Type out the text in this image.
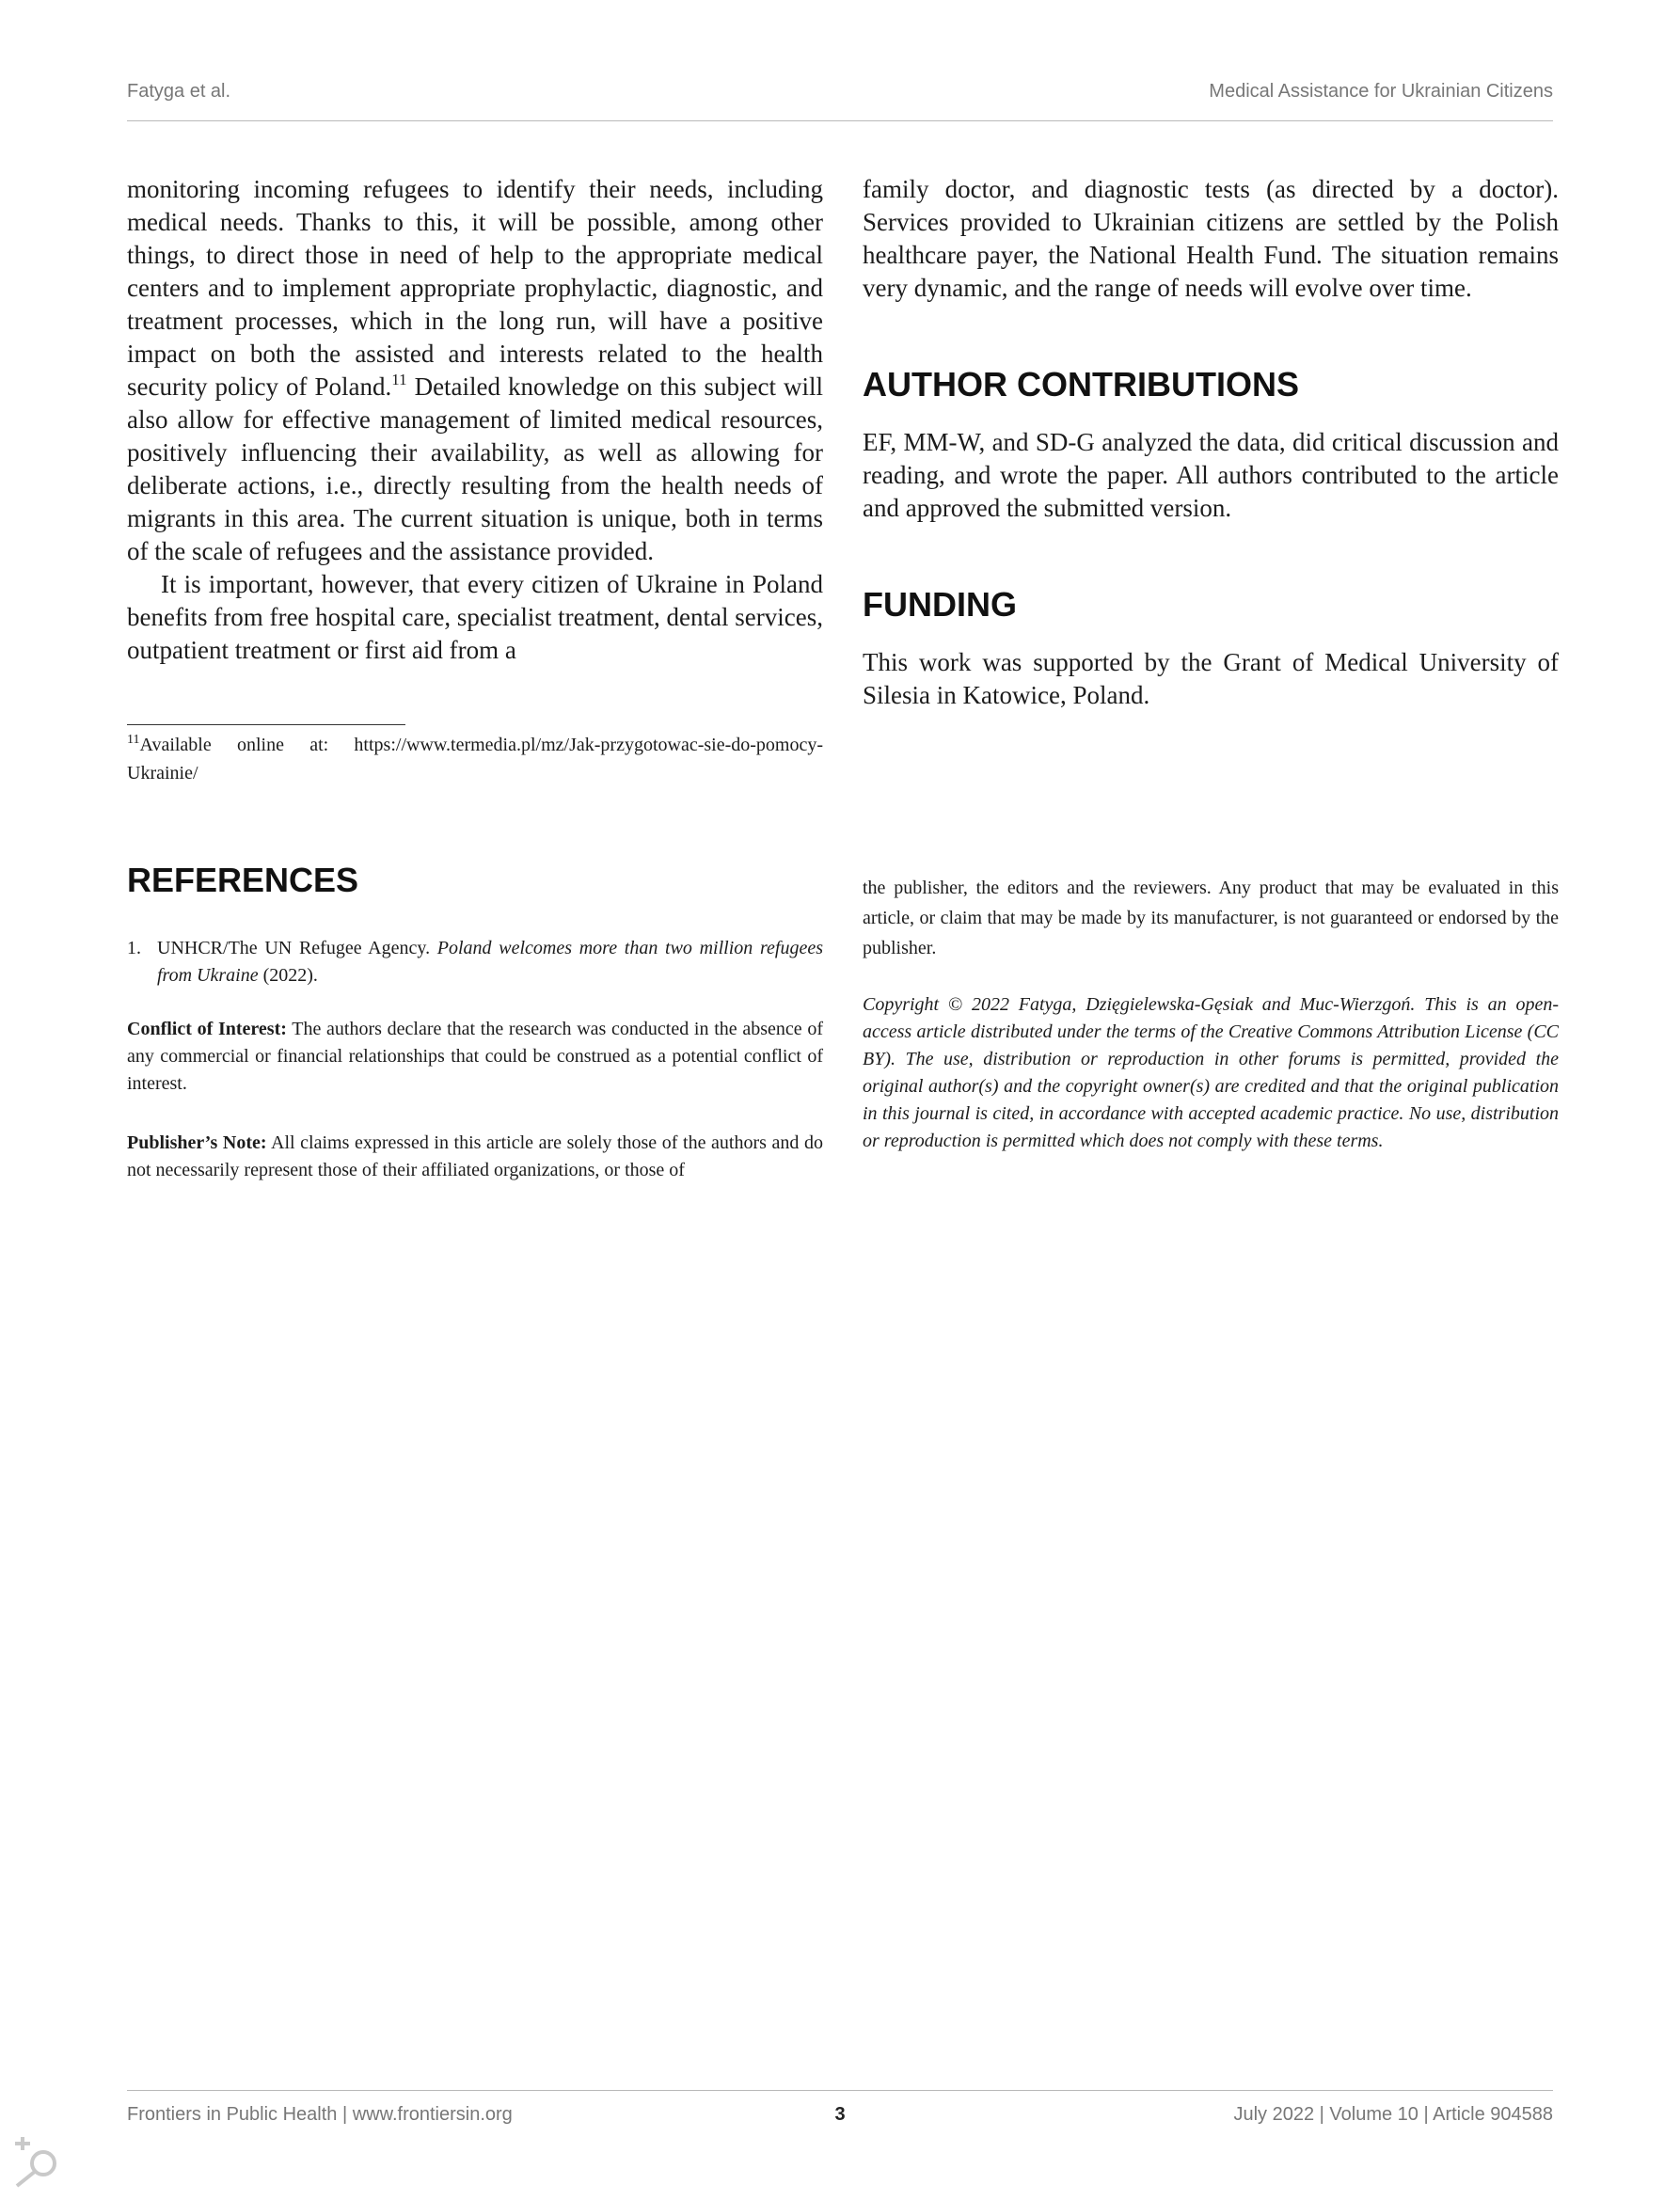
Fatyga et al.	Medical Assistance for Ukrainian Citizens

monitoring incoming refugees to identify their needs, including medical needs. Thanks to this, it will be possible, among other things, to direct those in need of help to the appropriate medical centers and to implement appropriate prophylactic, diagnostic, and treatment processes, which in the long run, will have a positive impact on both the assisted and interests related to the health security policy of Poland.$^{11}$ Detailed knowledge on this subject will also allow for effective management of limited medical resources, positively influencing their availability, as well as allowing for deliberate actions, i.e., directly resulting from the health needs of migrants in this area. The current situation is unique, both in terms of the scale of refugees and the assistance provided.

It is important, however, that every citizen of Ukraine in Poland benefits from free hospital care, specialist treatment, dental services, outpatient treatment or first aid from a

$^{11}$Available online at: https://www.termedia.pl/mz/Jak-przygotowac-sie-do-pomocy-Ukrainie/

family doctor, and diagnostic tests (as directed by a doctor). Services provided to Ukrainian citizens are settled by the Polish healthcare payer, the National Health Fund. The situation remains very dynamic, and the range of needs will evolve over time.

AUTHOR CONTRIBUTIONS

EF, MM-W, and SD-G analyzed the data, did critical discussion and reading, and wrote the paper. All authors contributed to the article and approved the submitted version.

FUNDING

This work was supported by the Grant of Medical University of Silesia in Katowice, Poland.

REFERENCES
1. UNHCR/The UN Refugee Agency. Poland welcomes more than two million refugees from Ukraine (2022).

Conflict of Interest: The authors declare that the research was conducted in the absence of any commercial or financial relationships that could be construed as a potential conflict of interest.

Publisher’s Note: All claims expressed in this article are solely those of the authors and do not necessarily represent those of their affiliated organizations, or those of

the publisher, the editors and the reviewers. Any product that may be evaluated in this article, or claim that may be made by its manufacturer, is not guaranteed or endorsed by the publisher.

Copyright © 2022 Fatyga, Dzięgielewska-Gęsiak and Muc-Wierzgoń. This is an open-access article distributed under the terms of the Creative Commons Attribution License (CC BY). The use, distribution or reproduction in other forums is permitted, provided the original author(s) and the copyright owner(s) are credited and that the original publication in this journal is cited, in accordance with accepted academic practice. No use, distribution or reproduction is permitted which does not comply with these terms.

Frontiers in Public Health | www.frontiersin.org	3	July 2022 | Volume 10 | Article 904588
